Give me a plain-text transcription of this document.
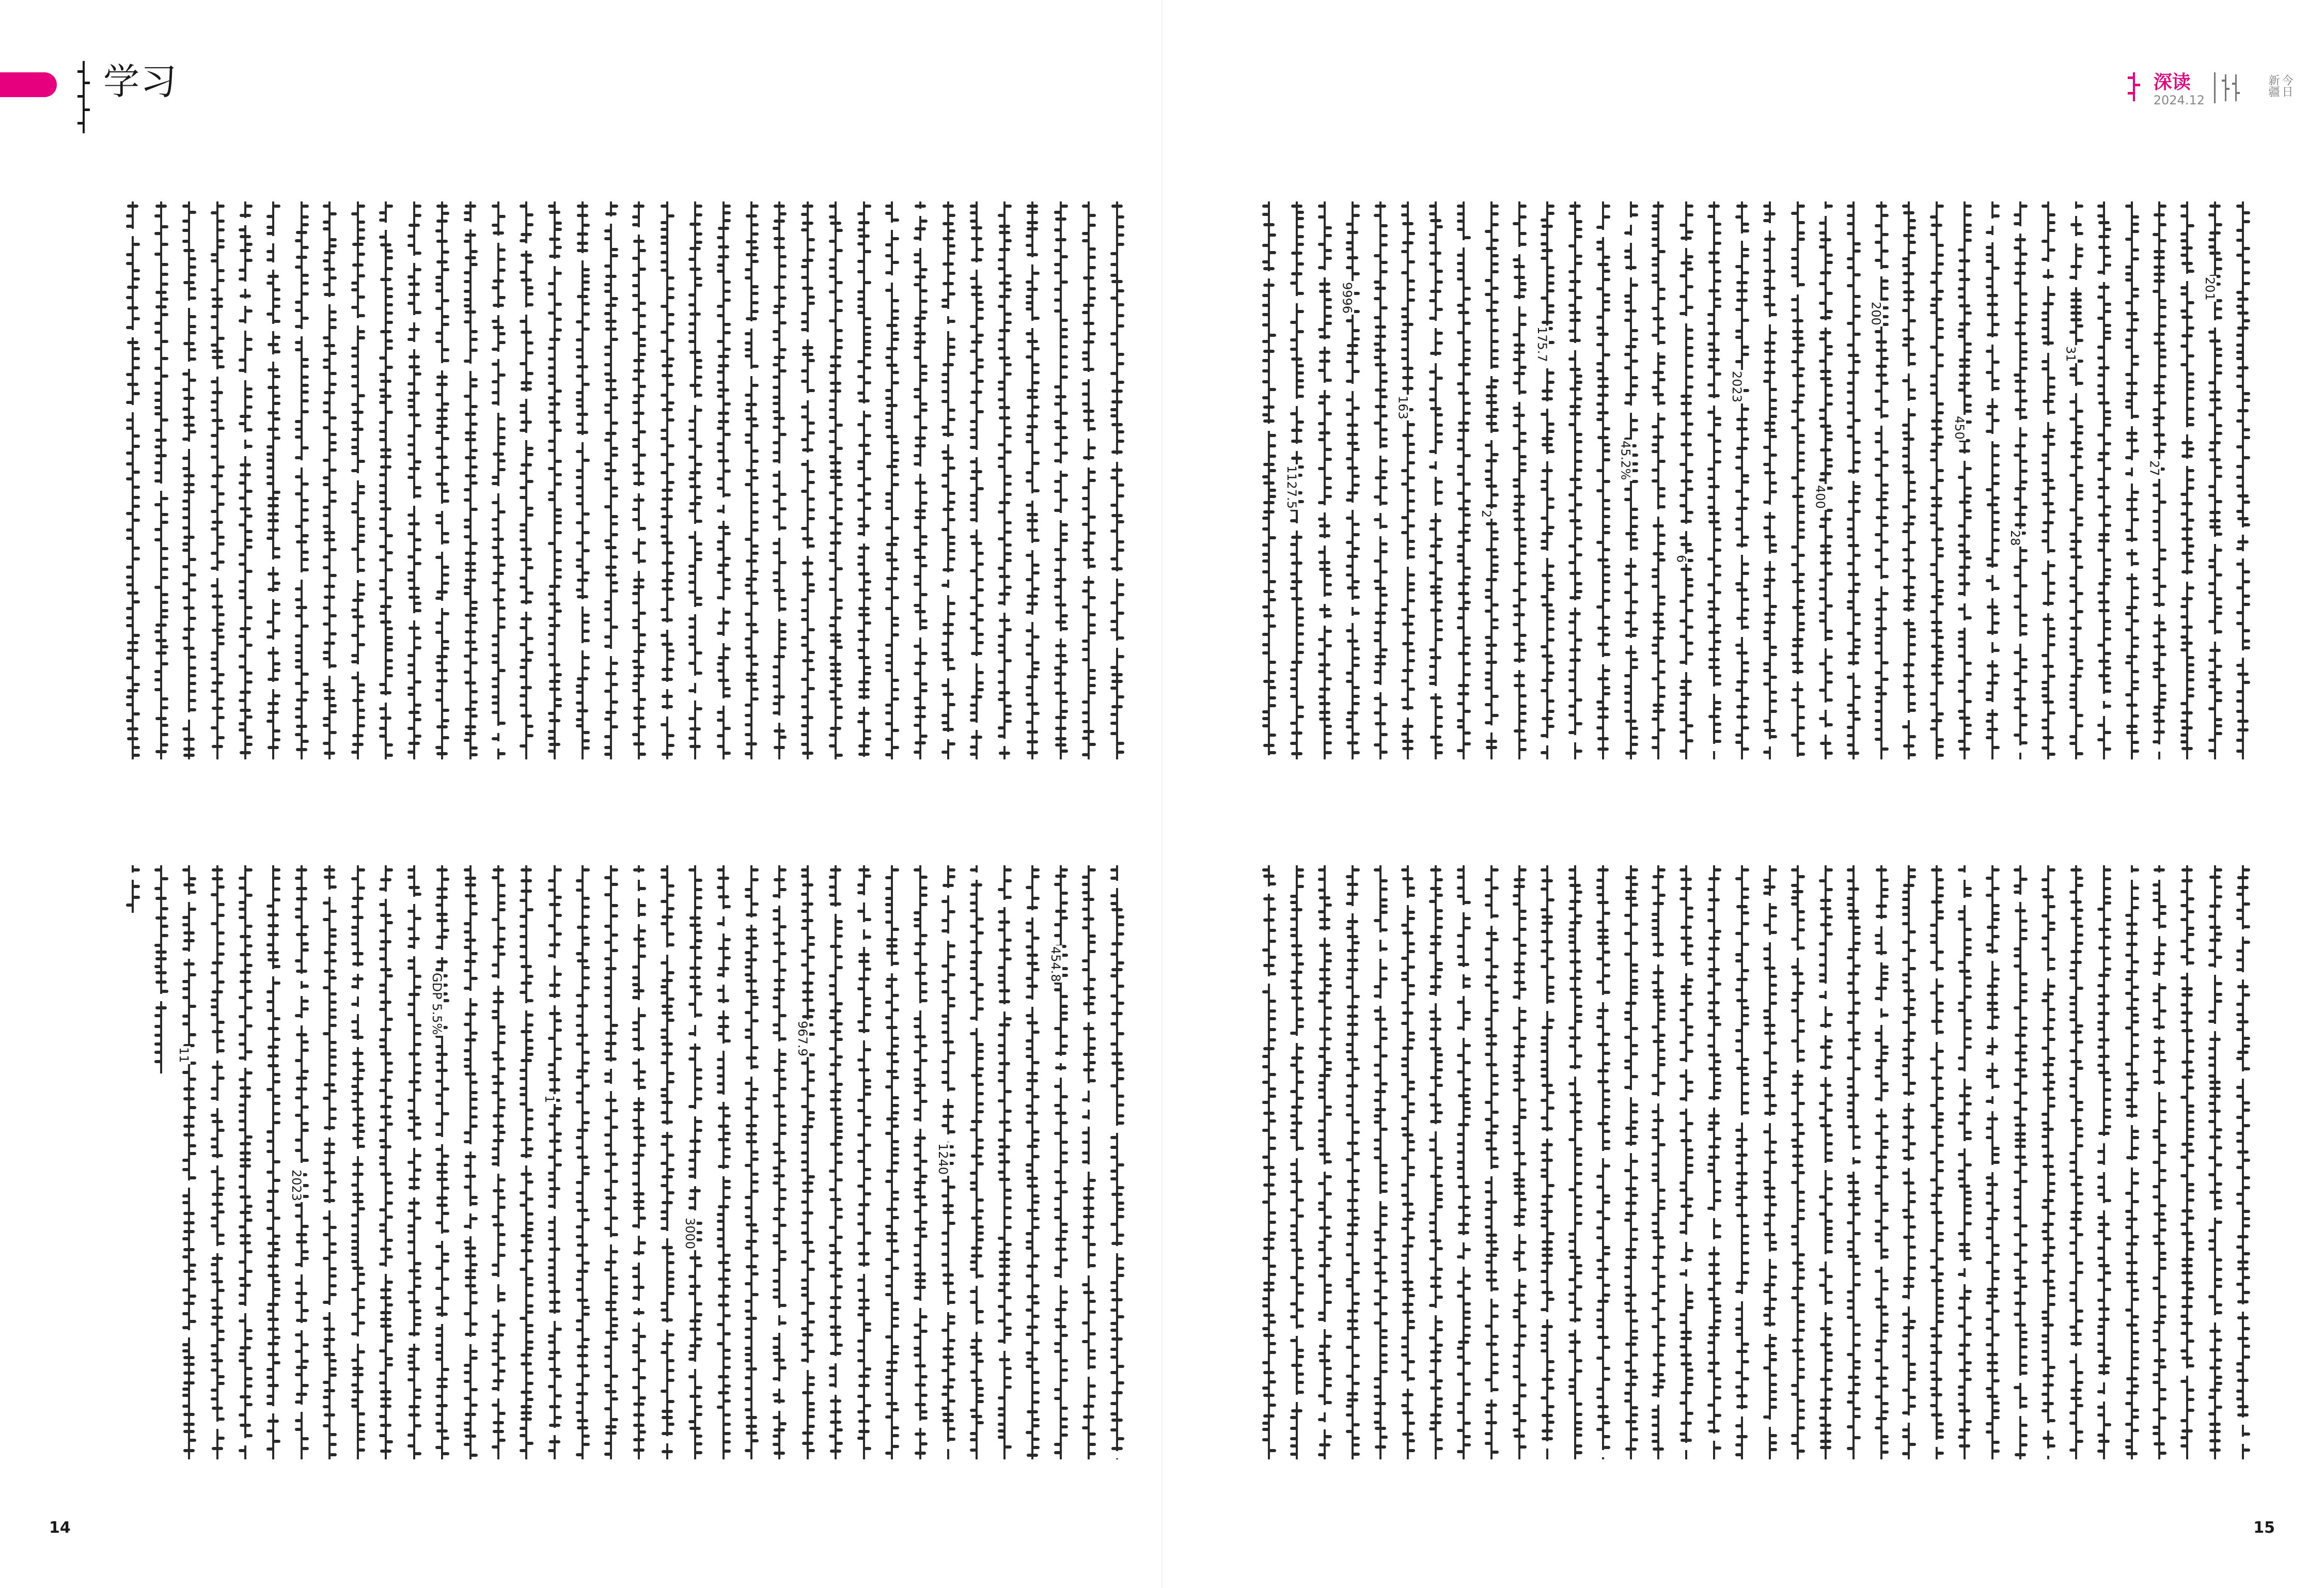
学习	深读
2024.12
今日新疆
201
27
31
28
450
200
400
2023
6
45.2%
175.7
2
163
9996
1127.5
454.8
1240
967.9
3000
1
GDP 5.5%
2023
11
14	15
